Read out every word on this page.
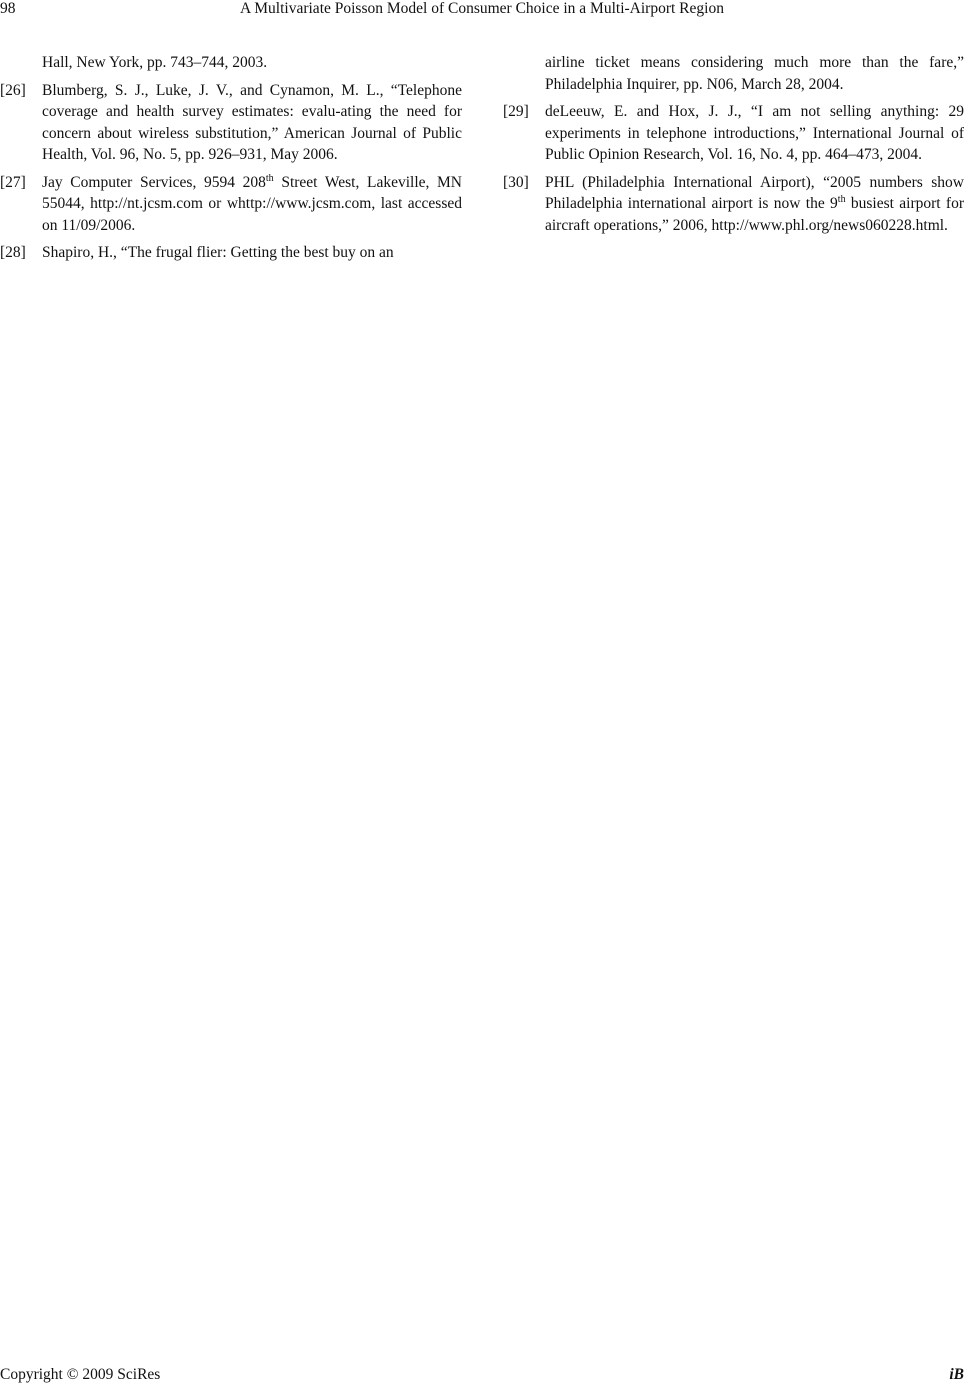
98	A Multivariate Poisson Model of Consumer Choice in a Multi-Airport Region
Hall, New York, pp. 743–744, 2003.
[26] Blumberg, S. J., Luke, J. V., and Cynamon, M. L., “Telephone coverage and health survey estimates: evalu-ating the need for concern about wireless substitution,” American Journal of Public Health, Vol. 96, No. 5, pp. 926–931, May 2006.
[27] Jay Computer Services, 9594 208th Street West, Lakeville, MN 55044, http://nt.jcsm.com or whttp://www.jcsm.com, last accessed on 11/09/2006.
[28] Shapiro, H., “The frugal flier: Getting the best buy on an
airline ticket means considering much more than the fare,” Philadelphia Inquirer, pp. N06, March 28, 2004.
[29] deLeeuw, E. and Hox, J. J., “I am not selling anything: 29 experiments in telephone introductions,” International Journal of Public Opinion Research, Vol. 16, No. 4, pp. 464–473, 2004.
[30] PHL (Philadelphia International Airport), “2005 numbers show Philadelphia international airport is now the 9th busiest airport for aircraft operations,” 2006, http://www.phl.org/news060228.html.
Copyright © 2009 SciRes	iB
